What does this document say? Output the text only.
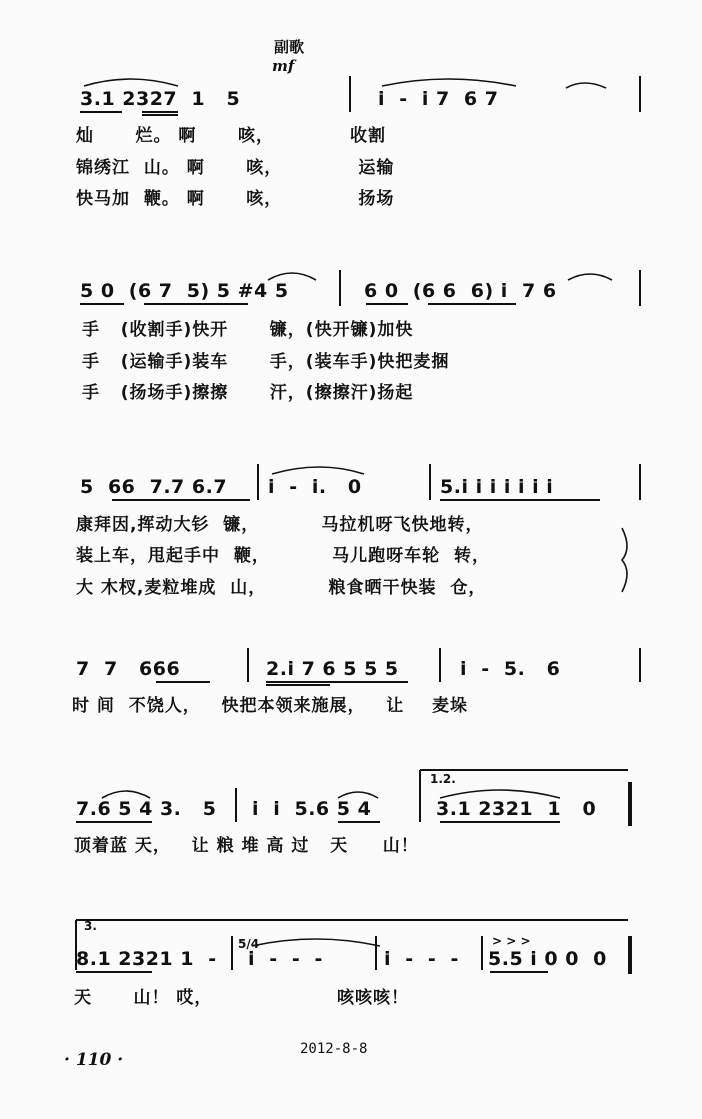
副歌
mf
3.1 2327  1   5	i  -  i 7  6 7
灿      烂。 啊      咳，           收割
锦绣江  山。 啊      咳，           运输
快马加  鞭。 啊      咳，           扬场
5 0  (6 7  5) 5 #4 5	6 0  (6 6  6) i  7 6
手   (收割手)快开      镰，(快开镰)加快
手   (运输手)装车      手，(装车手)快把麦捆
手   (扬场手)擦擦      汗，(擦擦汗)扬起
5  66  7.7 6.7 i  -  i.   0	5.i i i i i i i
康拜因,挥动大钐  镰，         马拉机呀飞快地转，
装上车，甩起手中  鞭，         马儿跑呀车轮  转，
大 木杈,麦粒堆成  山，         粮食晒干快装  仓，
7  7   666	2.i 7 6 5 5 5	i  -  5.   6
时 间  不饶人，   快把本领来施展，   让    麦垛
1.2.
7.6 5 4 3.   5 i  i  5.6 5 4	3.1 2321  1   0
顶着蓝 天，   让 粮 堆 高 过   天     山！
3.
5/4	> > >
8.1 2321 1  - i  -  -  -	i  -  -  - 5.5 i 0 0  0
天      山！ 哎，                  咳咳咳！
· 110 ·
2012-8-8
